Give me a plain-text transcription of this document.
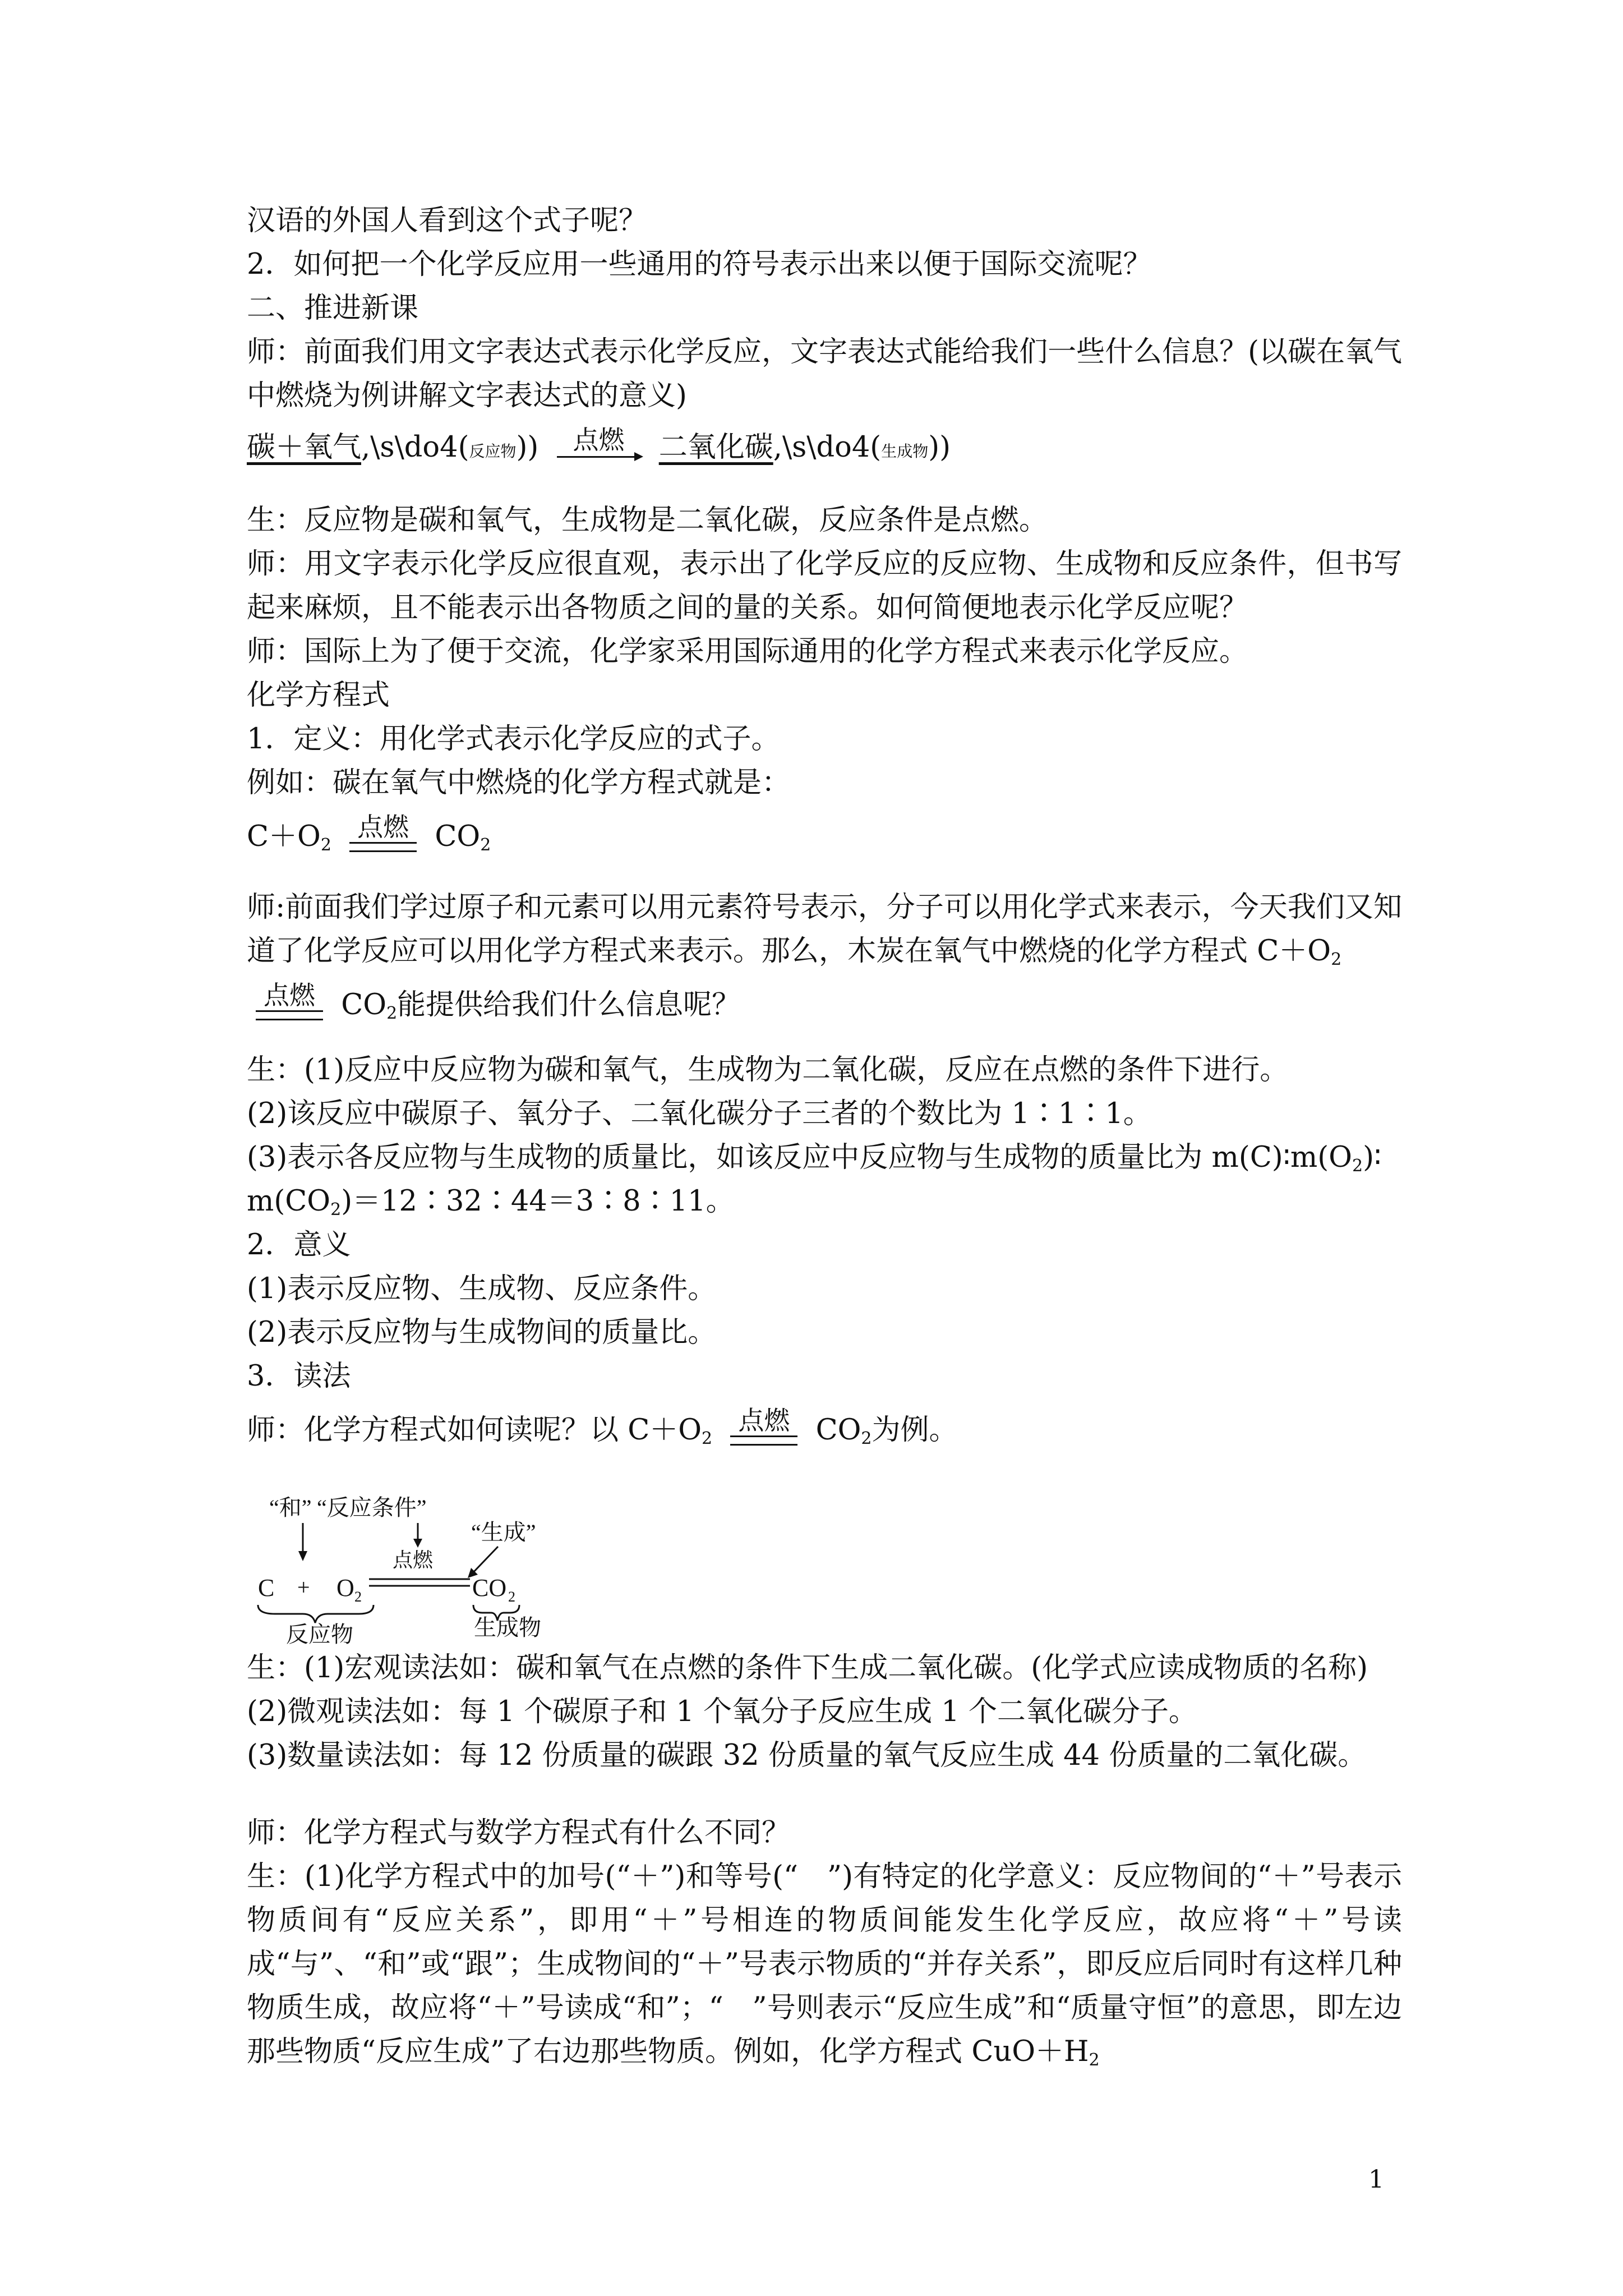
汉语的外国人看到这个式子呢？
2．如何把一个化学反应用一些通用的符号表示出来以便于国际交流呢？
二、推进新课
师：前面我们用文字表达式表示化学反应，文字表达式能给我们一些什么信息？(以碳在氧气中燃烧为例讲解文字表达式的意义)
碳＋氧气,\s\do4(反应物))	点燃	二氧化碳,\s\do4(生成物))
生：反应物是碳和氧气，生成物是二氧化碳，反应条件是点燃。
师：用文字表示化学反应很直观，表示出了化学反应的反应物、生成物和反应条件，但书写起来麻烦，且不能表示出各物质之间的量的关系。如何简便地表示化学反应呢？
师：国际上为了便于交流，化学家采用国际通用的化学方程式来表示化学反应。
化学方程式
1．定义：用化学式表示化学反应的式子。
例如：碳在氧气中燃烧的化学方程式就是：
$C+O_2$
点燃 $CO_2$
师:前面我们学过原子和元素可以用元素符号表示，分子可以用化学式来表示，今天我们又知道了化学反应可以用化学方程式来表示。那么，木炭在氧气中燃烧的化学方程式 $C+O_2$
点燃 $CO_2$能提供给我们什么信息呢？
生：(1)反应中反应物为碳和氧气，生成物为二氧化碳，反应在点燃的条件下进行。
(2)该反应中碳原子、氧分子、二氧化碳分子三者的个数比为 1∶1∶1。
(3)表示各反应物与生成物的质量比，如该反应中反应物与生成物的质量比为 $m(C)∶m(O_2)∶$
$m(CO_2)=12∶32∶44=3∶8∶11$。
2．意义
(1)表示反应物、生成物、反应条件。
(2)表示反应物与生成物间的质量比。
3．读法
师：化学方程式如何读呢？以 $C+O_2$
点燃 $CO_2$为例。
“和” “反应条件”
“生成”
C + O 2
点燃
CO 2
反应物	生成物
生：(1)宏观读法如：碳和氧气在点燃的条件下生成二氧化碳。(化学式应读成物质的名称)
(2)微观读法如：每 1 个碳原子和 1 个氧分子反应生成 1 个二氧化碳分子。
(3)数量读法如：每 12 份质量的碳跟 32 份质量的氧气反应生成 44 份质量的二氧化碳。
师：化学方程式与数学方程式有什么不同？
生：(1)化学方程式中的加号(“＋”)和等号(“　”)有特定的化学意义：反应物间的“＋”号表示物质间有“反应关系”，即用“＋”号相连的物质间能发生化学反应，故应将“＋”号读成“与”、“和”或“跟”；生成物间的“＋”号表示物质的“并存关系”，即反应后同时有这样几种物质生成，故应将“＋”号读成“和”；“　”号则表示“反应生成”和“质量守恒”的意思，即左边那些物质“反应生成”了右边那些物质。例如，化学方程式 $CuO+H_2$
1
